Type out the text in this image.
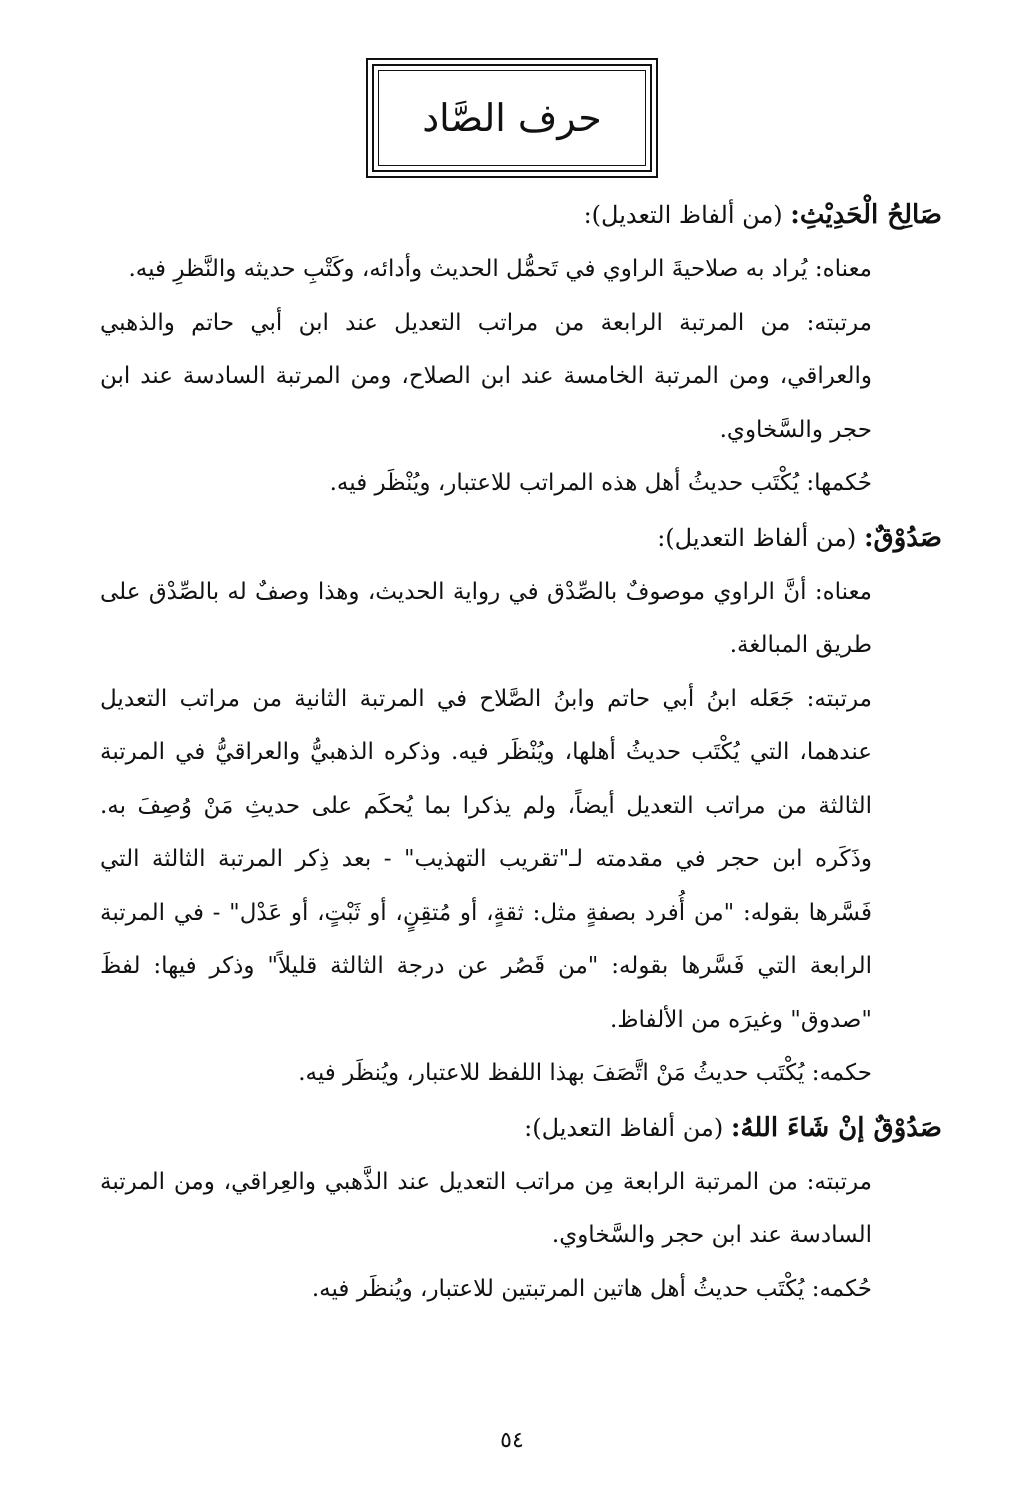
حرف الصَّاد
صَالِحُ الْحَدِيْثِ: (من ألفاظ التعديل):
معناه: يُراد به صلاحيةَ الراوي في تَحمُّل الحديث وأدائه، وكَتْبِ حديثه والنَّظرِ فيه.
مرتبته: من المرتبة الرابعة من مراتب التعديل عند ابن أبي حاتم والذهبي والعراقي، ومن المرتبة الخامسة عند ابن الصلاح، ومن المرتبة السادسة عند ابن حجر والسَّخاوي.
حُكمها: يُكْتَب حديثُ أهل هذه المراتب للاعتبار، ويُنْظَر فيه.
صَدُوْقٌ: (من ألفاظ التعديل):
معناه: أنَّ الراوي موصوفٌ بالصِّدْق في رواية الحديث، وهذا وصفٌ له بالصِّدْق على طريق المبالغة.
مرتبته: جَعَله ابنُ أبي حاتم وابنُ الصَّلاح في المرتبة الثانية من مراتب التعديل عندهما، التي يُكْتَب حديثُ أهلها، ويُنْظَر فيه. وذكره الذهبيُّ والعراقيُّ في المرتبة الثالثة من مراتب التعديل أيضاً، ولم يذكرا بما يُحكَم على حديثِ مَنْ وُصِفَ به. وذَكَره ابن حجر في مقدمته لـ"تقريب التهذيب" - بعد ذِكر المرتبة الثالثة التي فَسَّرها بقوله: "من أُفرد بصفةٍ مثل: ثقةٍ، أو مُتقِنٍ، أو ثَبْتٍ، أو عَدْل" - في المرتبة الرابعة التي فَسَّرها بقوله: "من قَصُر عن درجة الثالثة قليلاً" وذكر فيها: لفظَ "صدوق" وغيرَه من الألفاظ.
حكمه: يُكْتَب حديثُ مَنْ اتَّصَفَ بهذا اللفظ للاعتبار، ويُنظَر فيه.
صَدُوْقٌ إنْ شَاءَ اللهُ: (من ألفاظ التعديل):
مرتبته: من المرتبة الرابعة مِن مراتب التعديل عند الذَّهبي والعِراقي، ومن المرتبة السادسة عند ابن حجر والسَّخاوي.
حُكمه: يُكْتَب حديثُ أهل هاتين المرتبتين للاعتبار، ويُنظَر فيه.
٥٤
